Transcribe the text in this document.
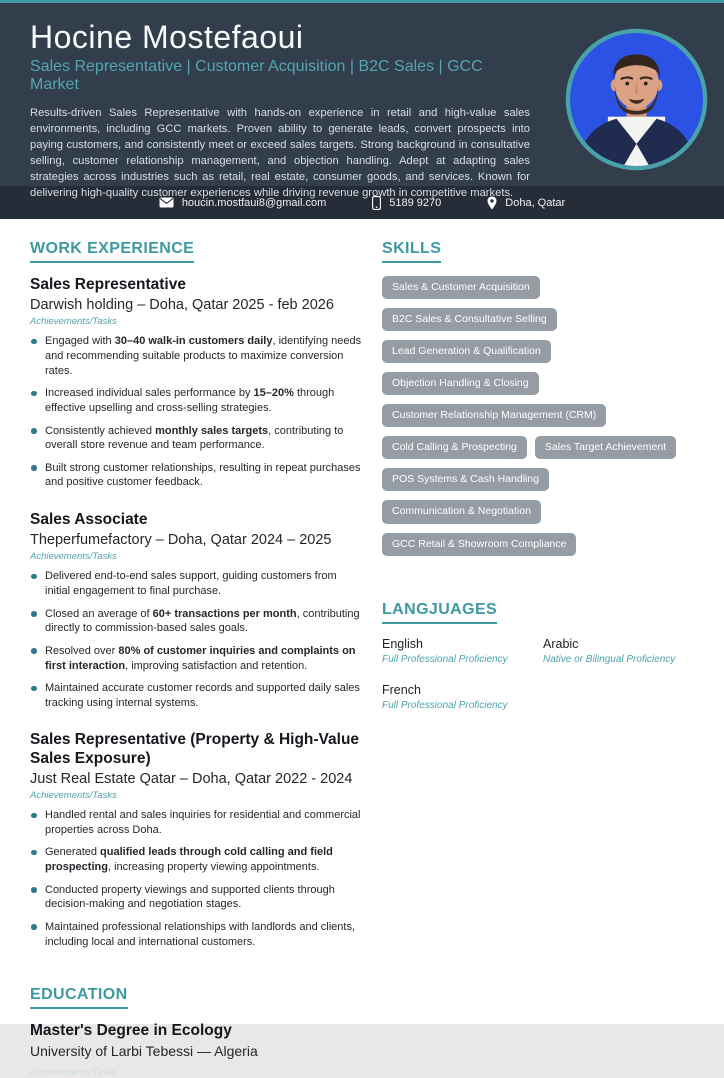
Hocine Mostefaoui
Sales Representative | Customer Acquisition | B2C Sales | GCC Market

Results-driven Sales Representative with hands-on experience in retail and high-value sales environments, including GCC markets. Proven ability to generate leads, convert prospects into paying customers, and consistently meet or exceed sales targets. Strong background in consultative selling, customer relationship management, and objection handling. Adept at adapting sales strategies across industries such as retail, real estate, consumer goods, and services. Known for delivering high-quality customer experiences while driving revenue growth in competitive markets.

houcin.mostfaui8@gmail.com	5189 9270	Doha, Qatar
WORK EXPERIENCE
Sales Representative
Darwish holding – Doha, Qatar 2025 - feb 2026
Achievements/Tasks
Engaged with 30–40 walk-in customers daily, identifying needs and recommending suitable products to maximize conversion rates.
Increased individual sales performance by 15–20% through effective upselling and cross-selling strategies.
Consistently achieved monthly sales targets, contributing to overall store revenue and team performance.
Built strong customer relationships, resulting in repeat purchases and positive customer feedback.
Sales Associate
Theperfumefactory – Doha, Qatar 2024 – 2025
Achievements/Tasks
Delivered end-to-end sales support, guiding customers from initial engagement to final purchase.
Closed an average of 60+ transactions per month, contributing directly to commission-based sales goals.
Resolved over 80% of customer inquiries and complaints on first interaction, improving satisfaction and retention.
Maintained accurate customer records and supported daily sales tracking using internal systems.
Sales Representative (Property & High-Value Sales Exposure)
Just Real Estate Qatar – Doha, Qatar 2022 - 2024
Achievements/Tasks
Handled rental and sales inquiries for residential and commercial properties across Doha.
Generated qualified leads through cold calling and field prospecting, increasing property viewing appointments.
Conducted property viewings and supported clients through decision-making and negotiation stages.
Maintained professional relationships with landlords and clients, including local and international customers.
EDUCATION
Master's Degree in Ecology
University of Larbi Tebessi — Algeria
Achievements/Tasks
SKILLS
Sales & Customer Acquisition
B2C Sales & Consultative Selling
Lead Generation & Qualification
Objection Handling & Closing
Customer Relationship Management (CRM)
Cold Calling & Prospecting	Sales Target Achievement
POS Systems & Cash Handling
Communication & Negotiation
GCC Retail & Showroom Compliance
LANGJUAGES
English
Full Professional Proficiency
Arabic
Native or Bilingual Proficiency
French
Full Professional Proficiency
